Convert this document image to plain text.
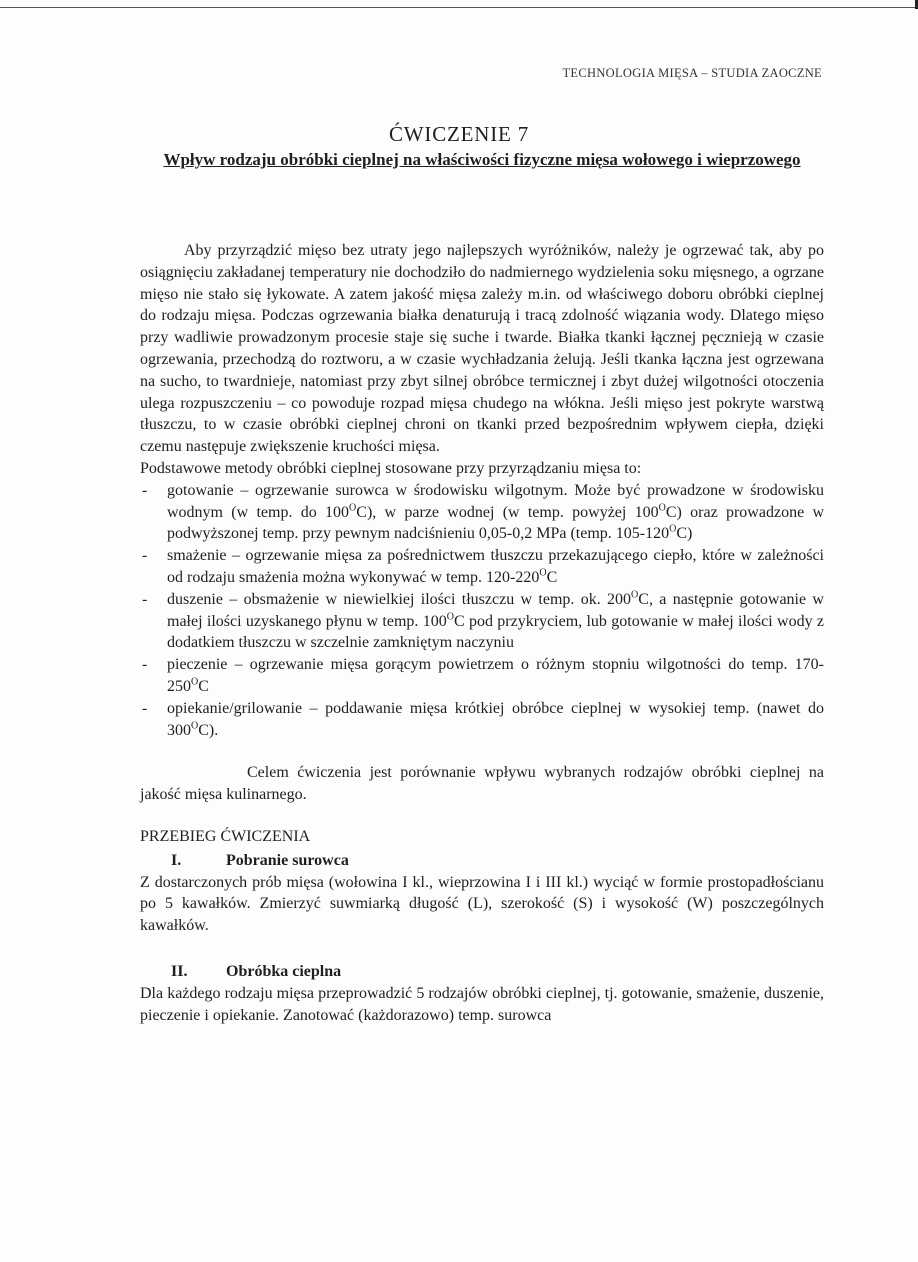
TECHNOLOGIA MIĘSA – STUDIA ZAOCZNE
ĆWICZENIE 7
Wpływ rodzaju obróbki cieplnej na właściwości fizyczne mięsa wołowego i wieprzowego

Aby przyrządzić mięso bez utraty jego najlepszych wyróżników, należy je ogrzewać tak, aby po osiągnięciu zakładanej temperatury nie dochodziło do nadmiernego wydzielenia soku mięsnego, a ogrzane mięso nie stało się łykowate. A zatem jakość mięsa zależy m.in. od właściwego doboru obróbki cieplnej do rodzaju mięsa. Podczas ogrzewania białka denaturują i tracą zdolność wiązania wody. Dlatego mięso przy wadliwie prowadzonym procesie staje się suche i twarde. Białka tkanki łącznej pęcznieją w czasie ogrzewania, przechodzą do roztworu, a w czasie wychładzania żelują. Jeśli tkanka łączna jest ogrzewana na sucho, to twardnieje, natomiast przy zbyt silnej obróbce termicznej i zbyt dużej wilgotności otoczenia ulega rozpuszczeniu – co powoduje rozpad mięsa chudego na włókna. Jeśli mięso jest pokryte warstwą tłuszczu, to w czasie obróbki cieplnej chroni on tkanki przed bezpośrednim wpływem ciepła, dzięki czemu następuje zwiększenie kruchości mięsa.

Podstawowe metody obróbki cieplnej stosowane przy przyrządzaniu mięsa to:

- gotowanie – ogrzewanie surowca w środowisku wilgotnym. Może być prowadzone w środowisku wodnym (w temp. do $100^OC$), w parze wodnej (w temp. powyżej $100^OC$) oraz prowadzone w podwyższonej temp. przy pewnym nadciśnieniu 0,05-0,2 MPa (temp. $105-120^OC$)
- smażenie – ogrzewanie mięsa za pośrednictwem tłuszczu przekazującego ciepło, które w zależności od rodzaju smażenia można wykonywać w temp. $120-220^OC$
- duszenie – obsmażenie w niewielkiej ilości tłuszczu w temp. ok. $200^OC$, a następnie gotowanie w małej ilości uzyskanego płynu w temp. $100^OC$ pod przykryciem, lub gotowanie w małej ilości wody z dodatkiem tłuszczu w szczelnie zamkniętym naczyniu
- pieczenie – ogrzewanie mięsa gorącym powietrzem o różnym stopniu wilgotności do temp. $170-250^OC$
- opiekanie/grilowanie – poddawanie mięsa krótkiej obróbce cieplnej w wysokiej temp. (nawet do $300^OC$).

Celem ćwiczenia jest porównanie wpływu wybranych rodzajów obróbki cieplnej na jakość mięsa kulinarnego.

PRZEBIEG ĆWICZENIA

I.	Pobranie surowca

Z dostarczonych prób mięsa (wołowina I kl., wieprzowina I i III kl.) wyciąć w formie prostopadłościanu po 5 kawałków. Zmierzyć suwmiarką długość (L), szerokość (S) i wysokość (W) poszczególnych kawałków.

II. Obróbka cieplna

Dla każdego rodzaju mięsa przeprowadzić 5 rodzajów obróbki cieplnej, tj. gotowanie, smażenie, duszenie, pieczenie i opiekanie. Zanotować (każdorazowo) temp. surowca
